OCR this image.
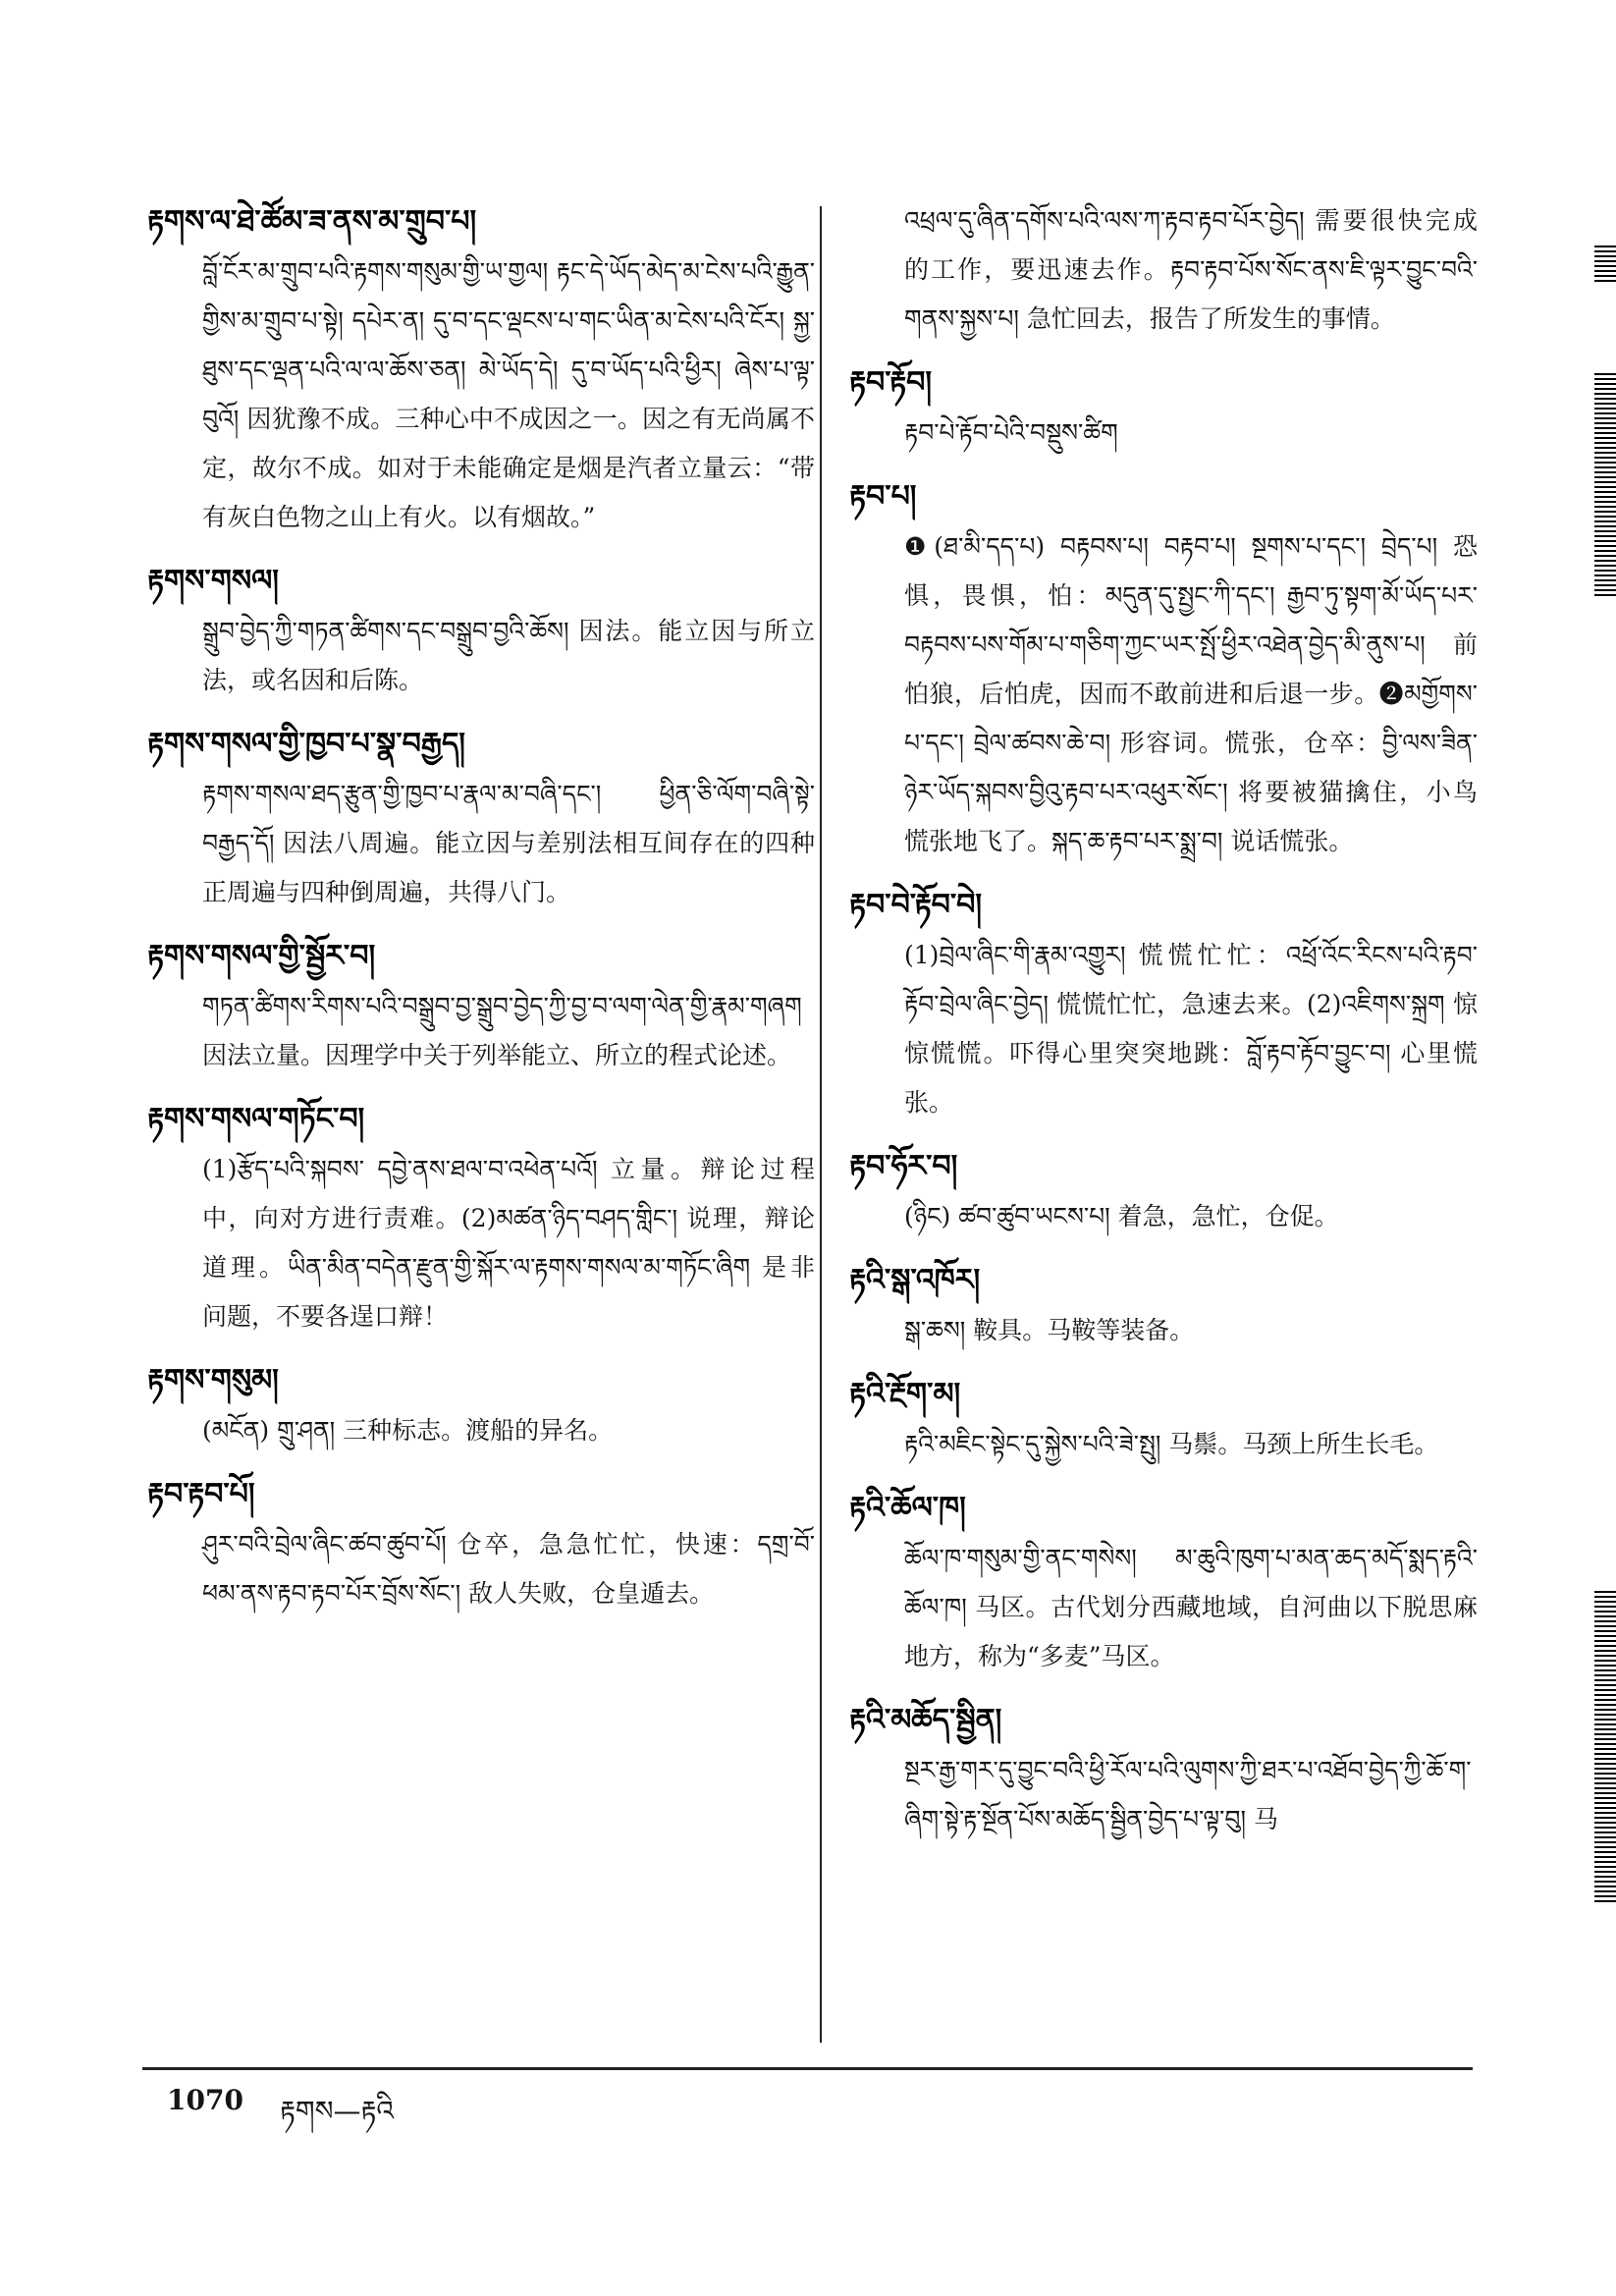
རྟགས་ལ་ཐེ་ཚོམ་ཟ་ནས་མ་གྲུབ་པ།
བློ་ངོར་མ་གྲུབ་པའི་རྟགས་གསུམ་གྱི་ཡ་གྱལ། རྟང་དེ་ཡོད་མེད་མ་ངེས་པའི་རྒྱུན་གྱིས་མ་གྲུབ་པ་སྟེ། དཔེར་ན། དུ་བ་དང་ལྡངས་པ་གང་ཡིན་མ་ངེས་པའི་ངོར། སྐྱ་ཐུས་དང་ལྡན་པའི་ལ་ལ་ཆོས་ཅན། མེ་ཡོད་དེ། དུ་བ་ཡོད་པའི་ཕྱིར། ཞེས་པ་ལྟ་བུའོ། 因犹豫不成。三种心中不成因之一。因之有无尚属不定，故尔不成。如对于未能确定是烟是汽者立量云：“带有灰白色物之山上有火。以有烟故。”
རྟགས་གསལ།
སྒྲུབ་བྱེད་ཀྱི་གཏན་ཚིགས་དང་བསྒྲུབ་བྱའི་ཆོས། 因法。能立因与所立法，或名因和后陈。
རྟགས་གསལ་གྱི་ཁྱབ་པ་སྣ་བརྒྱད།
རྟགས་གསལ་ཐད་རྩུན་གྱི་ཁྱབ་པ་རྣལ་མ་བཞི་དང་། ཕྱིན་ཅི་ལོག་བཞི་སྟེ་བརྒྱད་དོ། 因法八周遍。能立因与差别法相互间存在的四种正周遍与四种倒周遍，共得八门。
རྟགས་གསལ་གྱི་སྦྱོར་བ།
གཏན་ཚིགས་རིགས་པའི་བསྒྲུབ་བྱ་སྒྲུབ་བྱེད་ཀྱི་བྱ་བ་ལག་ལེན་གྱི་རྣམ་གཞག 因法立量。因理学中关于列举能立、所立的程式论述。
རྟགས་གསལ་གཏོང་བ།
(1)རྩོད་པའི་སྐབས་ དབྱེ་ནས་ཐལ་བ་འཕེན་པའོ། 立量。辩论过程中，向对方进行责难。(2)མཚན་ཉིད་བཤད་གླིང་། 说理，辩论道理。ཡིན་མིན་བདེན་རྫུན་གྱི་སྐོར་ལ་རྟགས་གསལ་མ་གཏོང་ཞིག 是非问题，不要各逞口辩！
རྟགས་གསུམ།
(མངོན) གྲུ་ཤན། 三种标志。渡船的异名。
རྟབ་རྟབ་པོ།
ཤུར་བའི་བྲེལ་ཞིང་ཚབ་ཚུབ་པོ། 仓卒，急急忙忙，快速：དགྲ་བོ་ཕམ་ནས་རྟབ་རྟབ་པོར་བྲོས་སོང་། 敌人失败，仓皇遁去。
འཕྲལ་དུ་ཞིན་དགོས་པའི་ལས་ཀ་རྟབ་རྟབ་པོར་བྱེད། 需要很快完成的工作，要迅速去作。རྟབ་རྟབ་པོས་སོང་ནས་ཇི་ལྟར་བྱུང་བའི་གནས་སྐྱས་པ། 急忙回去，报告了所发生的事情。
རྟབ་རྟོབ།
རྟབ་པེ་རྟོབ་པེའི་བསྡུས་ཚིག
རྟབ་པ།
❶(ཐ་མི་དད་པ) བརྟབས་པ། བརྟབ་པ། སྔགས་པ་དང་། བྲེད་པ། 恐惧，畏惧，怕：མདུན་དུ་སྤྱང་ཀི་དང་། རྒྱབ་ཏུ་སྟག་མོ་ཡོད་པར་བརྟབས་པས་གོམ་པ་གཅིག་ཀྱང་ཡར་སྤོ་ཕྱིར་འཐེན་བྱེད་མི་ནུས་པ། 前怕狼，后怕虎，因而不敢前进和后退一步。❷མགྱོགས་པ་དང་། བྲེལ་ཚབས་ཆེ་བ། 形容词。慌张，仓卒：བྱི་ལས་ཟིན་ཉེར་ཡོད་སྐབས་བྱིའུ་རྟབ་པར་འཕུར་སོང་། 将要被猫擒住，小鸟慌张地飞了。སྐད་ཆ་རྟབ་པར་སྨྲ་བ། 说话慌张。
རྟབ་བེ་རྟོབ་བེ།
(1)བྲེལ་ཞིང་གི་རྣམ་འགྱུར། 慌慌忙忙：འཕྲོ་འོང་རིངས་པའི་རྟབ་རྟོབ་བྲེལ་ཞིང་བྱེད། 慌慌忙忙，急速去来。(2)འཇིགས་སྐྲག 惊惊慌慌。吓得心里突突地跳：བློ་རྟབ་རྟོབ་བྱུང་བ། 心里慌张。
རྟབ་ཧོར་བ།
(ཉིང) ཚབ་ཚུབ་ཡངས་པ། 着急，急忙，仓促。
རྟའི་སྒ་འཁོར།
སྒ་ཆས། 鞍具。马鞍等装备。
རྟའི་རྔོག་མ།
རྟའི་མཇིང་སྟེང་དུ་སྐྱེས་པའི་ཟེ་སྤུ། 马鬃。马颈上所生长毛。
རྟའི་ཆོལ་ཁ།
ཆོལ་ཁ་གསུམ་གྱི་ནང་གསེས། མ་ཆུའི་ཁུག་པ་མན་ཆད་མདོ་སྨད་རྟའི་ཆོལ་ཁ། 马区。古代划分西藏地域，自河曲以下脱思麻地方，称为“多麦”马区。
རྟའི་མཆོད་སྦྱིན།
སྔར་རྒྱ་གར་དུ་བྱུང་བའི་ཕྱི་རོལ་པའི་ལུགས་ཀྱི་ཐར་པ་འཐོབ་བྱེད་ཀྱི་ཆོ་ག་ཞིག་སྟེ་རྟ་སྔོན་པོས་མཆོད་སྦྱིན་བྱེད་པ་ལྟ་བུ། 马
1070 རྟགས—རྟའི
